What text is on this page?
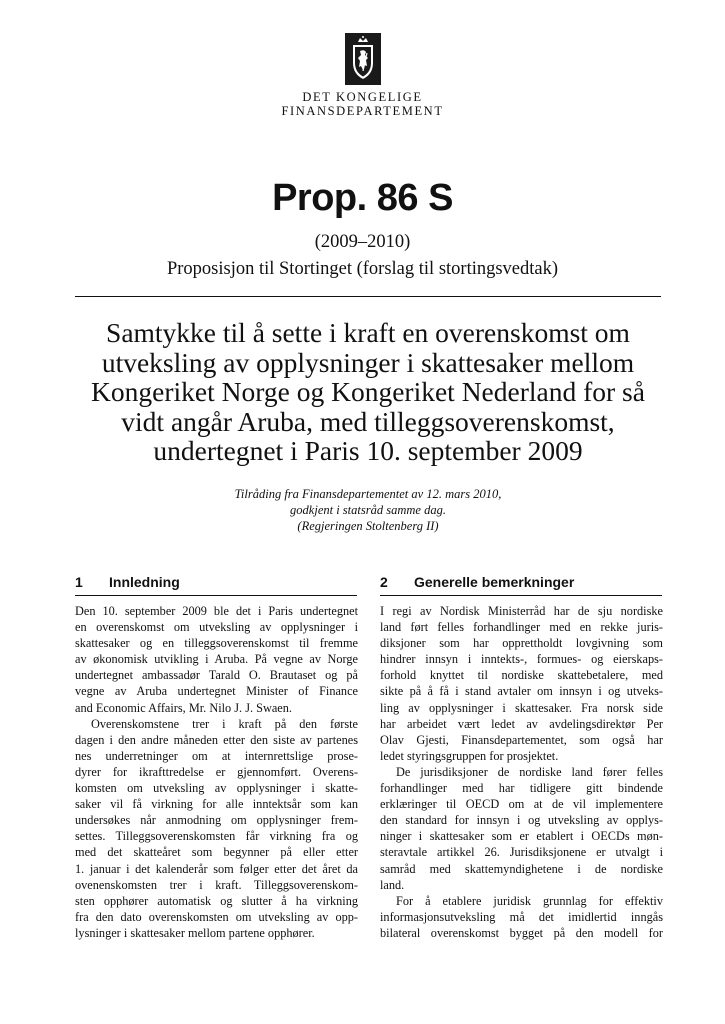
DET KONGELIGE
FINANSDEPARTEMENT
Prop. 86 S
(2009–2010)
Proposisjon til Stortinget (forslag til stortingsvedtak)
Samtykke til å sette i kraft en overenskomst om
utveksling av opplysninger i skattesaker mellom
Kongeriket Norge og Kongeriket Nederland for så
vidt angår Aruba, med tilleggsoverenskomst,
undertegnet i Paris 10. september 2009
Tilråding fra Finansdepartementet av 12. mars 2010,
godkjent i statsråd samme dag.
(Regjeringen Stoltenberg II)
1 Innledning
Den 10. september 2009 ble det i Paris undertegnet
en overenskomst om utveksling av opplysninger i
skattesaker og en tilleggsoverenskomst til fremme
av økonomisk utvikling i Aruba. På vegne av Norge
undertegnet ambassadør Tarald O. Brautaset og på
vegne av Aruba undertegnet Minister of Finance
and Economic Affairs, Mr. Nilo J. J. Swaen.
Overenskomstene trer i kraft på den første
dagen i den andre måneden etter den siste av partenes
nes underretninger om at internrettslige prose-
dyrer for ikrafttredelse er gjennomført. Overens-
komsten om utveksling av opplysninger i skatte-
saker vil få virkning for alle inntektsår som kan
undersøkes når anmodning om opplysninger frem-
settes. Tilleggsoverenskomsten får virkning fra og
med det skatteåret som begynner på eller etter
1. januar i det kalenderår som følger etter det året da
ovenenskomsten trer i kraft. Tilleggsoverenskom-
sten opphører automatisk og slutter å ha virkning
fra den dato overenskomsten om utveksling av opp-
lysninger i skattesaker mellom partene opphører.
2 Generelle bemerkninger
I regi av Nordisk Ministerråd har de sju nordiske
land ført felles forhandlinger med en rekke juris-
diksjoner som har opprettholdt lovgivning som
hindrer innsyn i inntekts-, formues- og eierskaps-
forhold knyttet til nordiske skattebetalere, med
sikte på å få i stand avtaler om innsyn i og utveks-
ling av opplysninger i skattesaker. Fra norsk side
har arbeidet vært ledet av avdelingsdirektør Per
Olav Gjesti, Finansdepartementet, som også har
ledet styringsgruppen for prosjektet.
De jurisdiksjoner de nordiske land fører felles
forhandlinger med har tidligere gitt bindende
erklæringer til OECD om at de vil implementere
den standard for innsyn i og utveksling av opplys-
ninger i skattesaker som er etablert i OECDs møn-
steravtale artikkel 26. Jurisdiksjonene er utvalgt i
samråd med skattemyndighetene i de nordiske
land.
For å etablere juridisk grunnlag for effektiv
informasjonsutveksling må det imidlertid inngås
bilateral overenskomst bygget på den modell for
